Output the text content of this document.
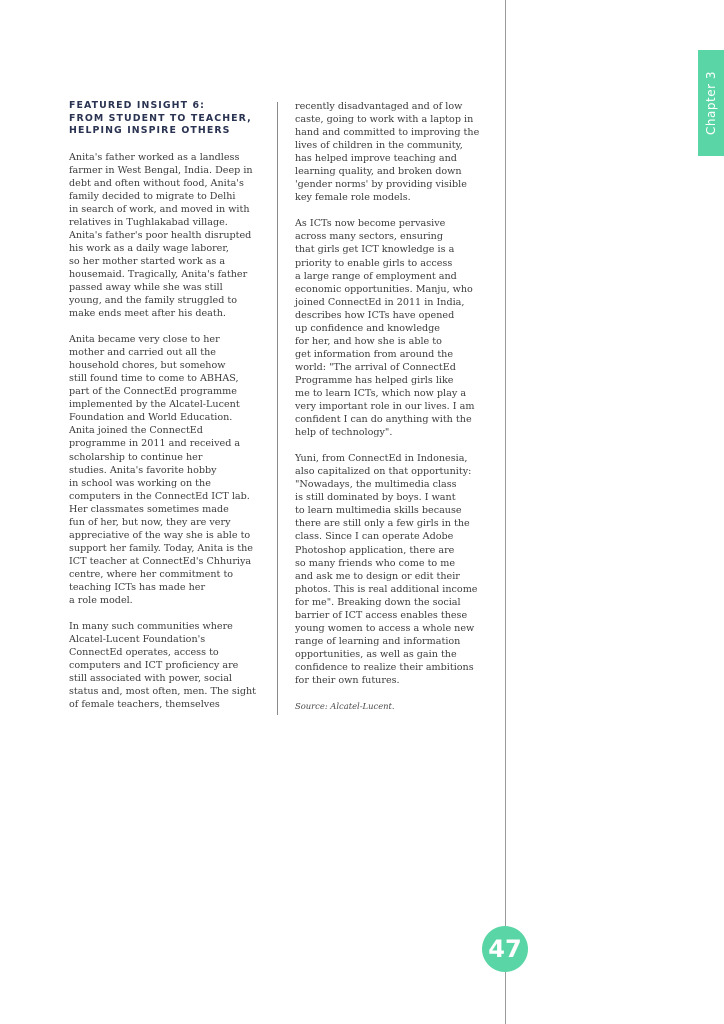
Chapter 3
FEATURED INSIGHT 6:
FROM STUDENT TO TEACHER,
HELPING INSPIRE OTHERS
Anita's father worked as a landless
farmer in West Bengal, India. Deep in
debt and often without food, Anita's
family decided to migrate to Delhi
in search of work, and moved in with
relatives in Tughlakabad village.
Anita's father's poor health disrupted
his work as a daily wage laborer,
so her mother started work as a
housemaid. Tragically, Anita's father
passed away while she was still
young, and the family struggled to
make ends meet after his death.
Anita became very close to her
mother and carried out all the
household chores, but somehow
still found time to come to ABHAS,
part of the ConnectEd programme
implemented by the Alcatel-Lucent
Foundation and World Education.
Anita joined the ConnectEd
programme in 2011 and received a
scholarship to continue her
studies. Anita's favorite hobby
in school was working on the
computers in the ConnectEd ICT lab.
Her classmates sometimes made
fun of her, but now, they are very
appreciative of the way she is able to
support her family. Today, Anita is the
ICT teacher at ConnectEd's Chhuriya
centre, where her commitment to
teaching ICTs has made her
a role model.
In many such communities where
Alcatel-Lucent Foundation's
ConnectEd operates, access to
computers and ICT proficiency are
still associated with power, social
status and, most often, men. The sight
of female teachers, themselves
recently disadvantaged and of low
caste, going to work with a laptop in
hand and committed to improving the
lives of children in the community,
has helped improve teaching and
learning quality, and broken down
'gender norms' by providing visible
key female role models.
As ICTs now become pervasive
across many sectors, ensuring
that girls get ICT knowledge is a
priority to enable girls to access
a large range of employment and
economic opportunities. Manju, who
joined ConnectEd in 2011 in India,
describes how ICTs have opened
up confidence and knowledge
for her, and how she is able to
get information from around the
world: "The arrival of ConnectEd
Programme has helped girls like
me to learn ICTs, which now play a
very important role in our lives. I am
confident I can do anything with the
help of technology".
Yuni, from ConnectEd in Indonesia,
also capitalized on that opportunity:
"Nowadays, the multimedia class
is still dominated by boys. I want
to learn multimedia skills because
there are still only a few girls in the
class. Since I can operate Adobe
Photoshop application, there are
so many friends who come to me
and ask me to design or edit their
photos. This is real additional income
for me". Breaking down the social
barrier of ICT access enables these
young women to access a whole new
range of learning and information
opportunities, as well as gain the
confidence to realize their ambitions
for their own futures.
Source: Alcatel-Lucent.
47
